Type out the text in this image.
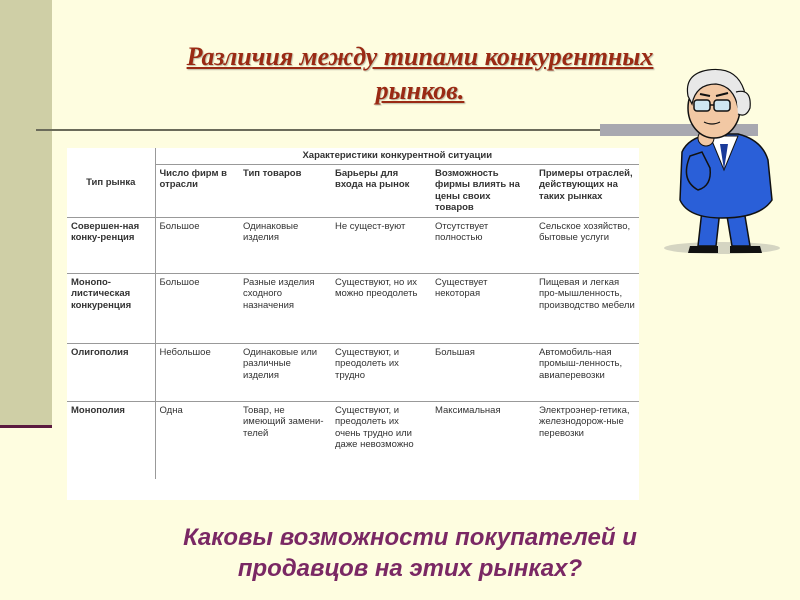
Различия между типами конкурентных
рынков.
Тип рынка	Характеристики конкурентной ситуации				
	Число фирм в отрасли	Тип товаров	Барьеры для входа на рынок	Возможность фирмы влиять на цены своих товаров	Примеры отраслей, действующих на таких рынках
Совершен-ная конку-ренция	Большое	Одинаковые изделия	Не сущест-вуют	Отсутствует полностью	Сельское хозяйство, бытовые услуги
Монопо-листическая конкуренция	Большое	Разные изделия сходного назначения	Существуют, но их можно преодолеть	Существует некоторая	Пищевая и легкая про-мышленность, производство мебели
Олигополия	Небольшое	Одинаковые или различные изделия	Существуют, и преодолеть их трудно	Большая	Автомобиль-ная промыш-ленность, авиаперевозки
Монополия	Одна	Товар, не имеющий замени-телей	Существуют, и преодолеть их очень трудно или даже невозможно	Максимальная	Электроэнер-гетика, железнодорож-ные перевозки
Каковы возможности покупателей и
продавцов на этих рынках?
